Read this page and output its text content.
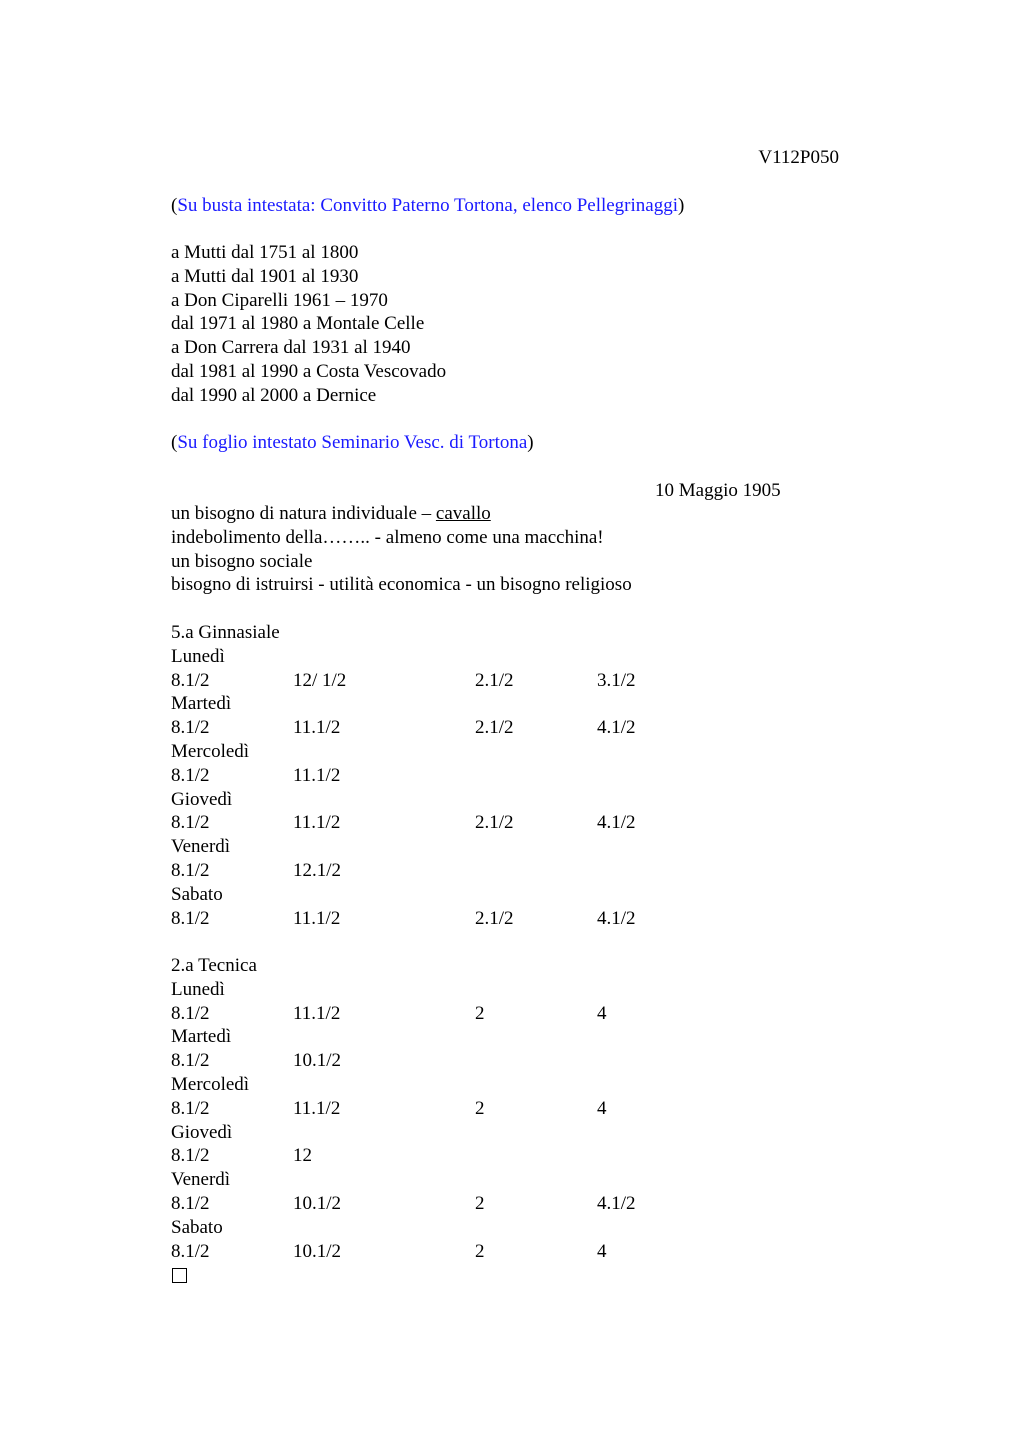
V112P050
(Su busta intestata: Convitto Paterno Tortona, elenco Pellegrinaggi)
a Mutti dal 1751 al 1800
a Mutti dal 1901 al 1930
a Don Ciparelli 1961 – 1970
dal 1971 al 1980 a Montale Celle
a Don Carrera dal 1931 al 1940
dal 1981 al 1990 a Costa Vescovado
dal 1990 al 2000 a Dernice
(Su foglio intestato Seminario Vesc. di Tortona)
10 Maggio 1905
un bisogno di natura individuale – cavallo
indebolimento della…….. - almeno come una macchina!
un bisogno sociale
bisogno di istruirsi - utilità economica - un bisogno religioso
5.a Ginnasiale
Lunedì
8.1/2	12/ 1/2	2.1/2	3.1/2
Martedì
8.1/2	11.1/2	2.1/2	4.1/2
Mercoledì
8.1/2	11.1/2
Giovedì
8.1/2	11.1/2	2.1/2	4.1/2
Venerdì
8.1/2	12.1/2
Sabato
8.1/2	11.1/2	2.1/2	4.1/2
2.a Tecnica
Lunedì
8.1/2	11.1/2	2	4
Martedì
8.1/2	10.1/2
Mercoledì
8.1/2	11.1/2	2	4
Giovedì
8.1/2	12
Venerdì
8.1/2	10.1/2	2	4.1/2
Sabato
8.1/2	10.1/2	2	4
